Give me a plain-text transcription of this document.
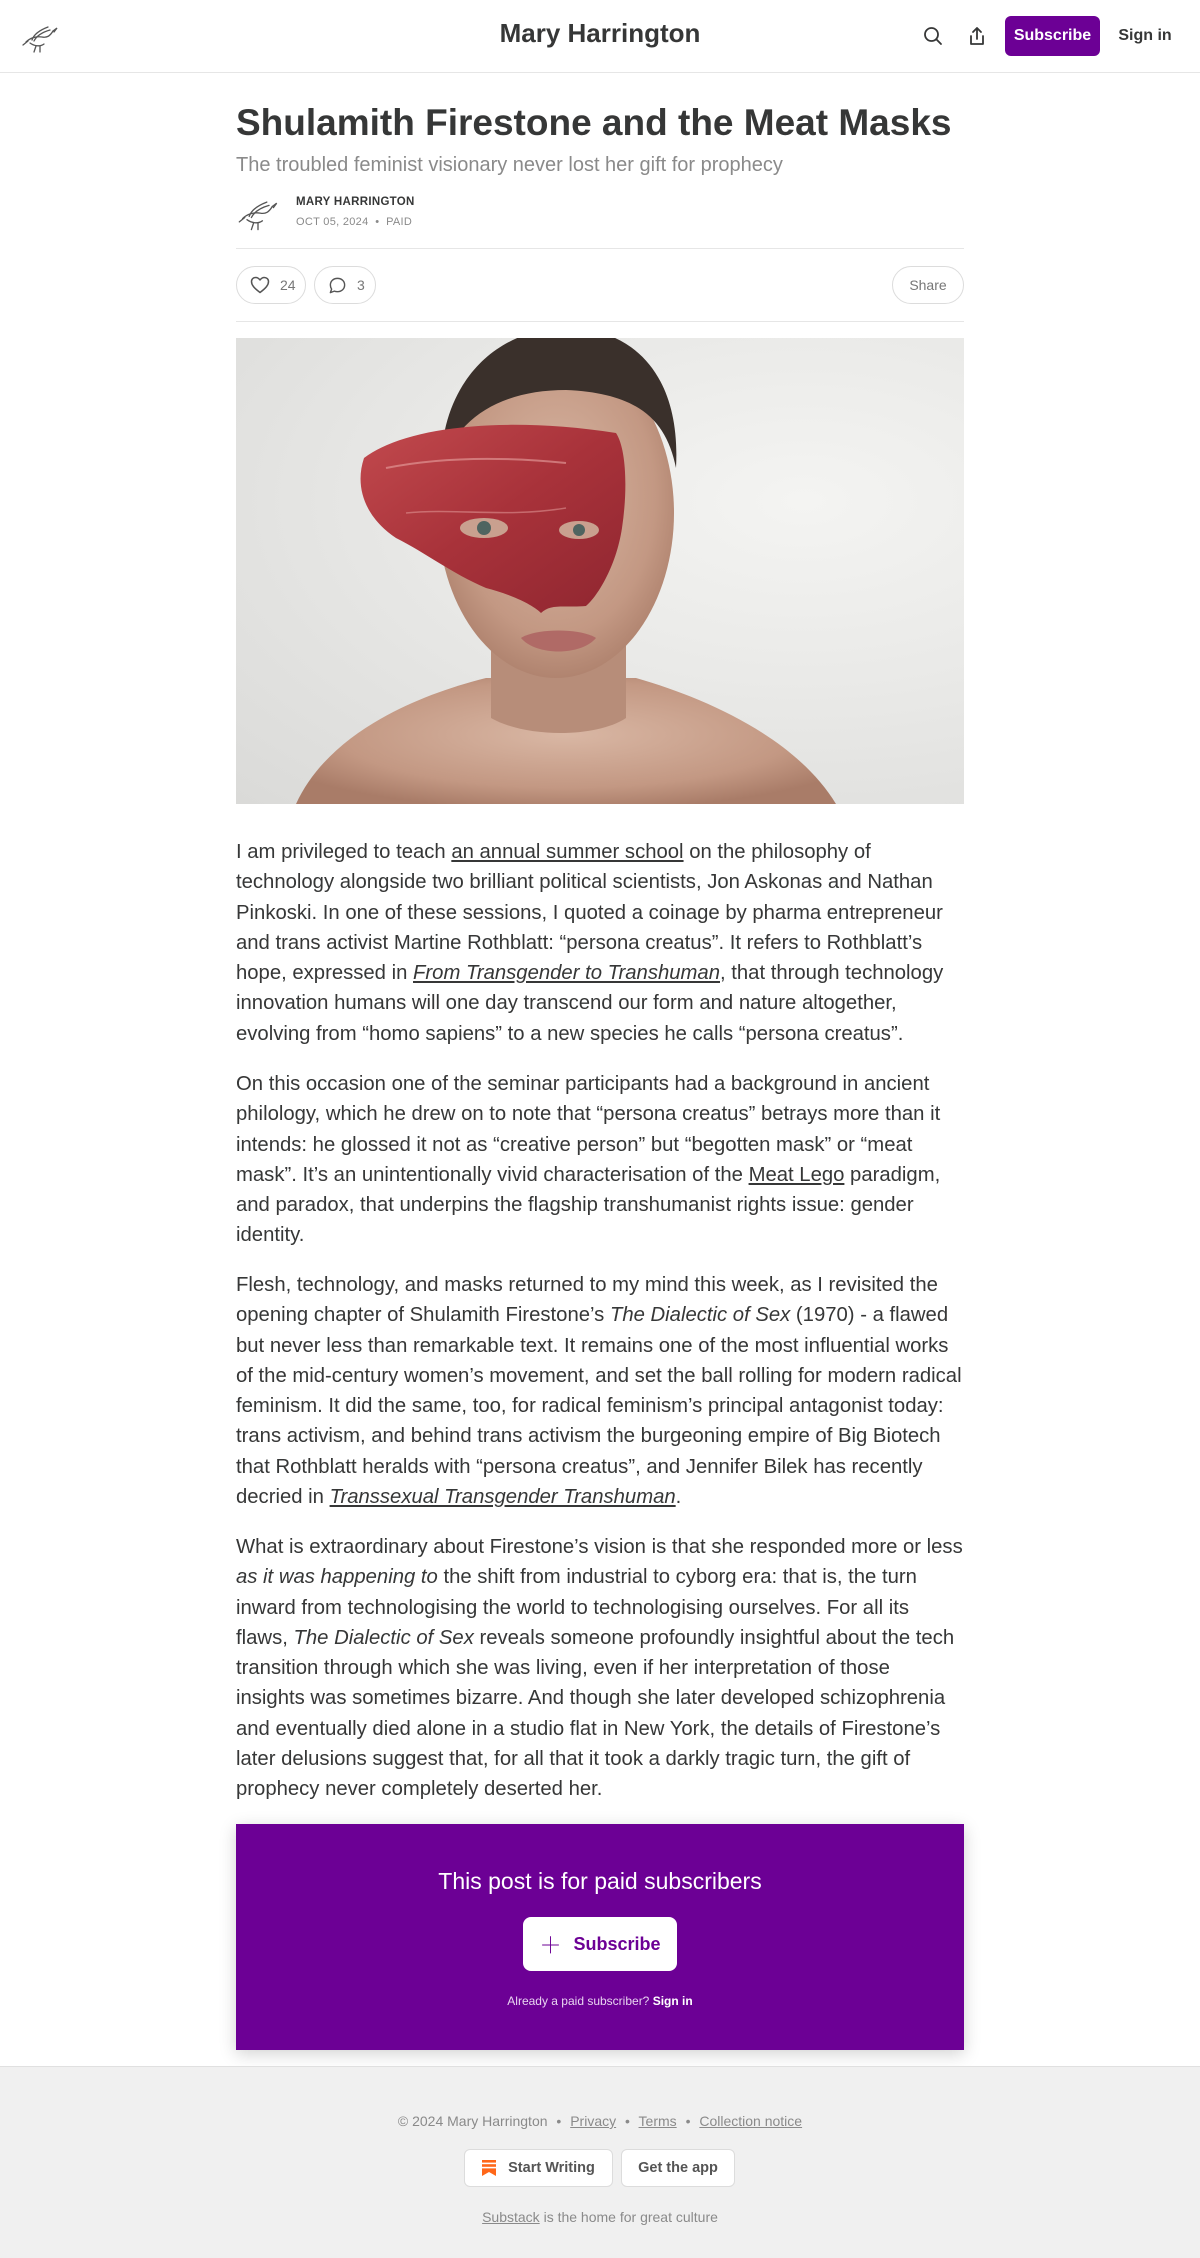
Mary Harrington	Subscribe	Sign in
Shulamith Firestone and the Meat Masks
The troubled feminist visionary never lost her gift for prophecy
MARY HARRINGTON
OCT 05, 2024  •  PAID
24	3	Share

I am privileged to teach an annual summer school on the philosophy of technology alongside two brilliant political scientists, Jon Askonas and Nathan Pinkoski. In one of these sessions, I quoted a coinage by pharma entrepreneur and trans activist Martine Rothblatt: “persona creatus”. It refers to Rothblatt’s hope, expressed in From Transgender to Transhuman, that through technology innovation humans will one day transcend our form and nature altogether, evolving from “homo sapiens” to a new species he calls “persona creatus”.

On this occasion one of the seminar participants had a background in ancient philology, which he drew on to note that “persona creatus” betrays more than it intends: he glossed it not as “creative person” but “begotten mask” or “meat mask”. It’s an unintentionally vivid characterisation of the Meat Lego paradigm, and paradox, that underpins the flagship transhumanist rights issue: gender identity.

Flesh, technology, and masks returned to my mind this week, as I revisited the opening chapter of Shulamith Firestone’s The Dialectic of Sex (1970) - a flawed but never less than remarkable text. It remains one of the most influential works of the mid-century women’s movement, and set the ball rolling for modern radical feminism. It did the same, too, for radical feminism’s principal antagonist today: trans activism, and behind trans activism the burgeoning empire of Big Biotech that Rothblatt heralds with “persona creatus”, and Jennifer Bilek has recently decried in Transsexual Transgender Transhuman.

What is extraordinary about Firestone’s vision is that she responded more or less as it was happening to the shift from industrial to cyborg era: that is, the turn inward from technologising the world to technologising ourselves. For all its flaws, The Dialectic of Sex reveals someone profoundly insightful about the tech transition through which she was living, even if her interpretation of those insights was sometimes bizarre. And though she later developed schizophrenia and eventually died alone in a studio flat in New York, the details of Firestone’s later delusions suggest that, for all that it took a darkly tragic turn, the gift of prophecy never completely deserted her.

This post is for paid subscribers
＋ Subscribe
Already a paid subscriber? Sign in
© 2024 Mary Harrington • Privacy • Terms • Collection notice
Start Writing	Get the app
Substack is the home for great culture
